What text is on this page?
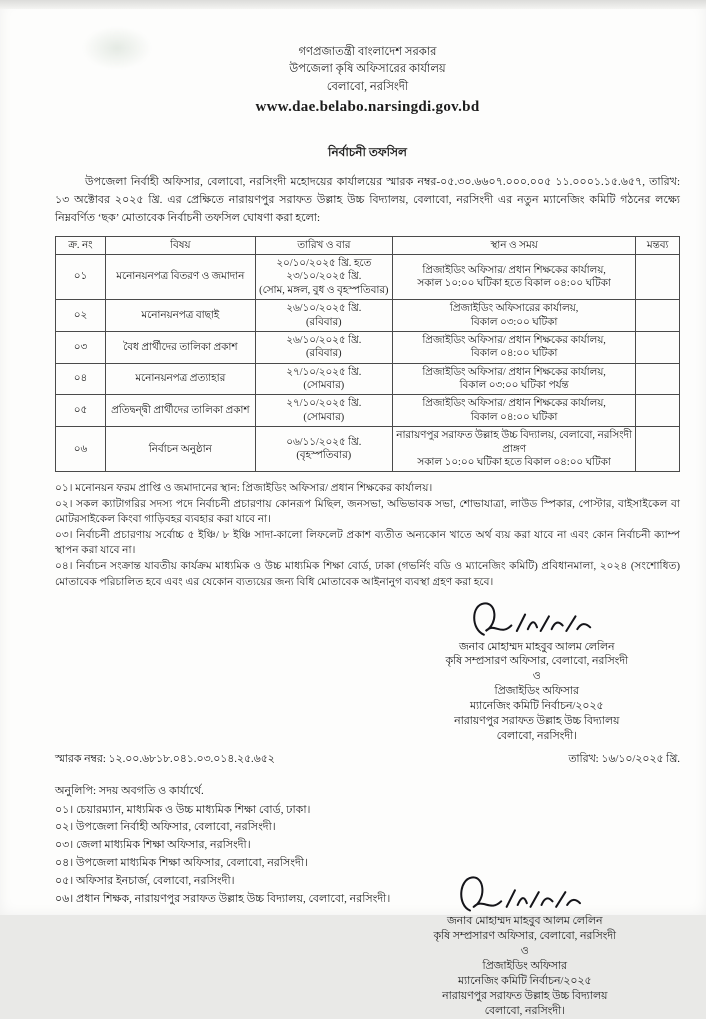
গণপ্রজাতন্ত্রী বাংলাদেশ সরকার
উপজেলা কৃষি অফিসারের কার্যালয়
বেলাবো, নরসিংদী
www.dae.belabo.narsingdi.gov.bd
নির্বাচনী তফসিল

উপজেলা নির্বাহী অফিসার, বেলাবো, নরসিংদী মহোদয়ের কার্যালয়ের স্মারক নম্বর-০৫.৩০.৬৬০৭.০০০.০০৫ ১১.০০০১.১৫.৬৫৭, তারিখ: ১৩ অক্টোবর ২০২৫ খ্রি. এর প্রেক্ষিতে নারায়ণপুর সরাফত উল্লাহ উচ্চ বিদ্যালয়, বেলাবো, নরসিংদী এর নতুন ম্যানেজিং কমিটি গঠনের লক্ষ্যে নিম্নবর্ণিত ‘ছক’ মোতাবেক নির্বাচনী তফসিল ঘোষণা করা হলো:

ক্র. নং	বিষয়	তারিখ ও বার	স্থান ও সময়	মন্তব্য
০১	মনোনয়নপত্র বিতরণ ও জমাদান	
২০/১০/২০২৫ খ্রি. হতে ২৩/১০/২০২৫ খ্রি.
(সোম, মঙ্গল, বুধ ও বৃহস্পতিবার)

প্রিজাইডিং অফিসার/ প্রধান শিক্ষকের কার্যালয়,
সকাল ১০:০০ ঘটিকা হতে বিকাল ০৪:০০ ঘটিকা

০২	মনোনয়নপত্র বাছাই	
২৬/১০/২০২৫ খ্রি.
(রবিবার)

প্রিজাইডিং অফিসারের কার্যালয়,
বিকাল ০৩:০০ ঘটিকা

০৩	বৈধ প্রার্থীদের তালিকা প্রকাশ	
২৬/১০/২০২৫ খ্রি.
(রবিবার)

প্রিজাইডিং অফিসার/ প্রধান শিক্ষকের কার্যালয়,
বিকাল ০৪:০০ ঘটিকা

০৪	মনোনয়নপত্র প্রত্যাহার	
২৭/১০/২০২৫ খ্রি.
(সোমবার)

প্রিজাইডিং অফিসার/ প্রধান শিক্ষকের কার্যালয়,
বিকাল ০৩:০০ ঘটিকা পর্যন্ত

০৫	প্রতিদ্বন্দ্বী প্রার্থীদের তালিকা প্রকাশ	
২৭/১০/২০২৫ খ্রি.
(সোমবার)

প্রিজাইডিং অফিসার/ প্রধান শিক্ষকের কার্যালয়,
বিকাল ০৪:০০ ঘটিকা

০৬	নির্বাচন অনুষ্ঠান	
০৬/১১/২০২৫ খ্রি.
(বৃহস্পতিবার)

নারায়ণপুর সরাফত উল্লাহ উচ্চ বিদ্যালয়, বেলাবো, নরসিংদী প্রাঙ্গণ
সকাল ১০:০০ ঘটিকা হতে বিকাল ০৪:০০ ঘটিকা

০১। মনোনয়ন ফরম প্রাপ্তি ও জমাদানের স্থান: প্রিজাইডিং অফিসার/ প্রধান শিক্ষকের কার্যালয়।
০২। সকল ক্যাটাগরির সদস্য পদে নির্বাচনী প্রচারণায় কোনরূপ মিছিল, জনসভা, অভিভাবক সভা, শোভাযাত্রা, লাউড স্পিকার, পোস্টার, বাইসাইকেল বা মোটরসাইকেল কিংবা গাড়িবহর ব্যবহার করা যাবে না।
০৩। নির্বাচনী প্রচারণায় সর্বোচ্চ ৫ ইঞ্চি/ ৮ ইঞ্চি সাদা-কালো লিফলেট প্রকাশ ব্যতীত অন্যকোন খাতে অর্থ ব্যয় করা যাবে না এবং কোন নির্বাচনী ক্যাম্প স্থাপন করা যাবে না।
০৪। নির্বাচন সংক্রান্ত যাবতীয় কার্যক্রম মাধ্যমিক ও উচ্চ মাধ্যমিক শিক্ষা বোর্ড, ঢাকা (গভর্নিং বডি ও ম্যানেজিং কমিটি) প্রবিধানমালা, ২০২৪ (সংশোধিত) মোতাবেক পরিচালিত হবে এবং এর যেকোন ব্যত্যয়ের জন্য বিধি মোতাবেক আইনানুগ ব্যবস্থা গ্রহণ করা হবে।
জনাব মোহাম্মদ মাহবুব আলম লেলিন
কৃষি সম্প্রসারণ অফিসার, বেলাবো, নরসিংদী
ও
প্রিজাইডিং অফিসার
ম্যানেজিং কমিটি নির্বাচন/২০২৫
নারায়ণপুর সরাফত উল্লাহ উচ্চ বিদ্যালয়
বেলাবো, নরসিংদী।
স্মারক নম্বর: ১২.০০.৬৮১৮.০৪১.০৩.০১৪.২৫.৬৫২	তারিখ: ১৬/১০/২০২৫ খ্রি.
অনুলিপি: সদয় অবগতি ও কার্যার্থে.
০১। চেয়ারম্যান, মাধ্যমিক ও উচ্চ মাধ্যমিক শিক্ষা বোর্ড, ঢাকা।
০২। উপজেলা নির্বাহী অফিসার, বেলাবো, নরসিংদী।
০৩। জেলা মাধ্যমিক শিক্ষা অফিসার, নরসিংদী।
০৪। উপজেলা মাধ্যমিক শিক্ষা অফিসার, বেলাবো, নরসিংদী।
০৫। অফিসার ইনচার্জ, বেলাবো, নরসিংদী।
০৬। প্রধান শিক্ষক, নারায়ণপুর সরাফত উল্লাহ উচ্চ বিদ্যালয়, বেলাবো, নরসিংদী।
জনাব মোহাম্মদ মাহবুব আলম লেলিন
কৃষি সম্প্রসারণ অফিসার, বেলাবো, নরসিংদী
ও
প্রিজাইডিং অফিসার
ম্যানেজিং কমিটি নির্বাচন/২০২৫
নারায়ণপুর সরাফত উল্লাহ উচ্চ বিদ্যালয়
বেলাবো, নরসিংদী।
